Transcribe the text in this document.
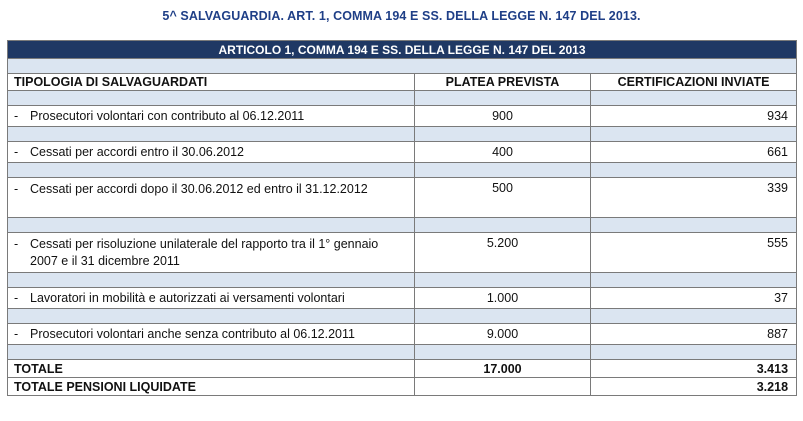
5^ SALVAGUARDIA. ART. 1, COMMA 194 E SS. DELLA LEGGE N. 147 DEL 2013.
ARTICOLO 1, COMMA 194 E SS. DELLA LEGGE N. 147 DEL 2013		

TIPOLOGIA DI SALVAGUARDATI	PLATEA PREVISTA	CERTIFICAZIONI INVIATE

- Prosecutori volontari con contributo al 06.12.2011	900	934

- Cessati per accordi entro il 30.06.2012	400	661

- Cessati per accordi dopo il 30.06.2012 ed entro il 31.12.2012	500	339

- Cessati per risoluzione unilaterale del rapporto tra il 1° gennaio 2007 e il 31 dicembre 2011	5.200	555

- Lavoratori in mobilità e autorizzati ai versamenti volontari	1.000	37

- Prosecutori volontari anche senza contributo al 06.12.2011	9.000	887

TOTALE	17.000	3.413
TOTALE PENSIONI LIQUIDATE		3.218
